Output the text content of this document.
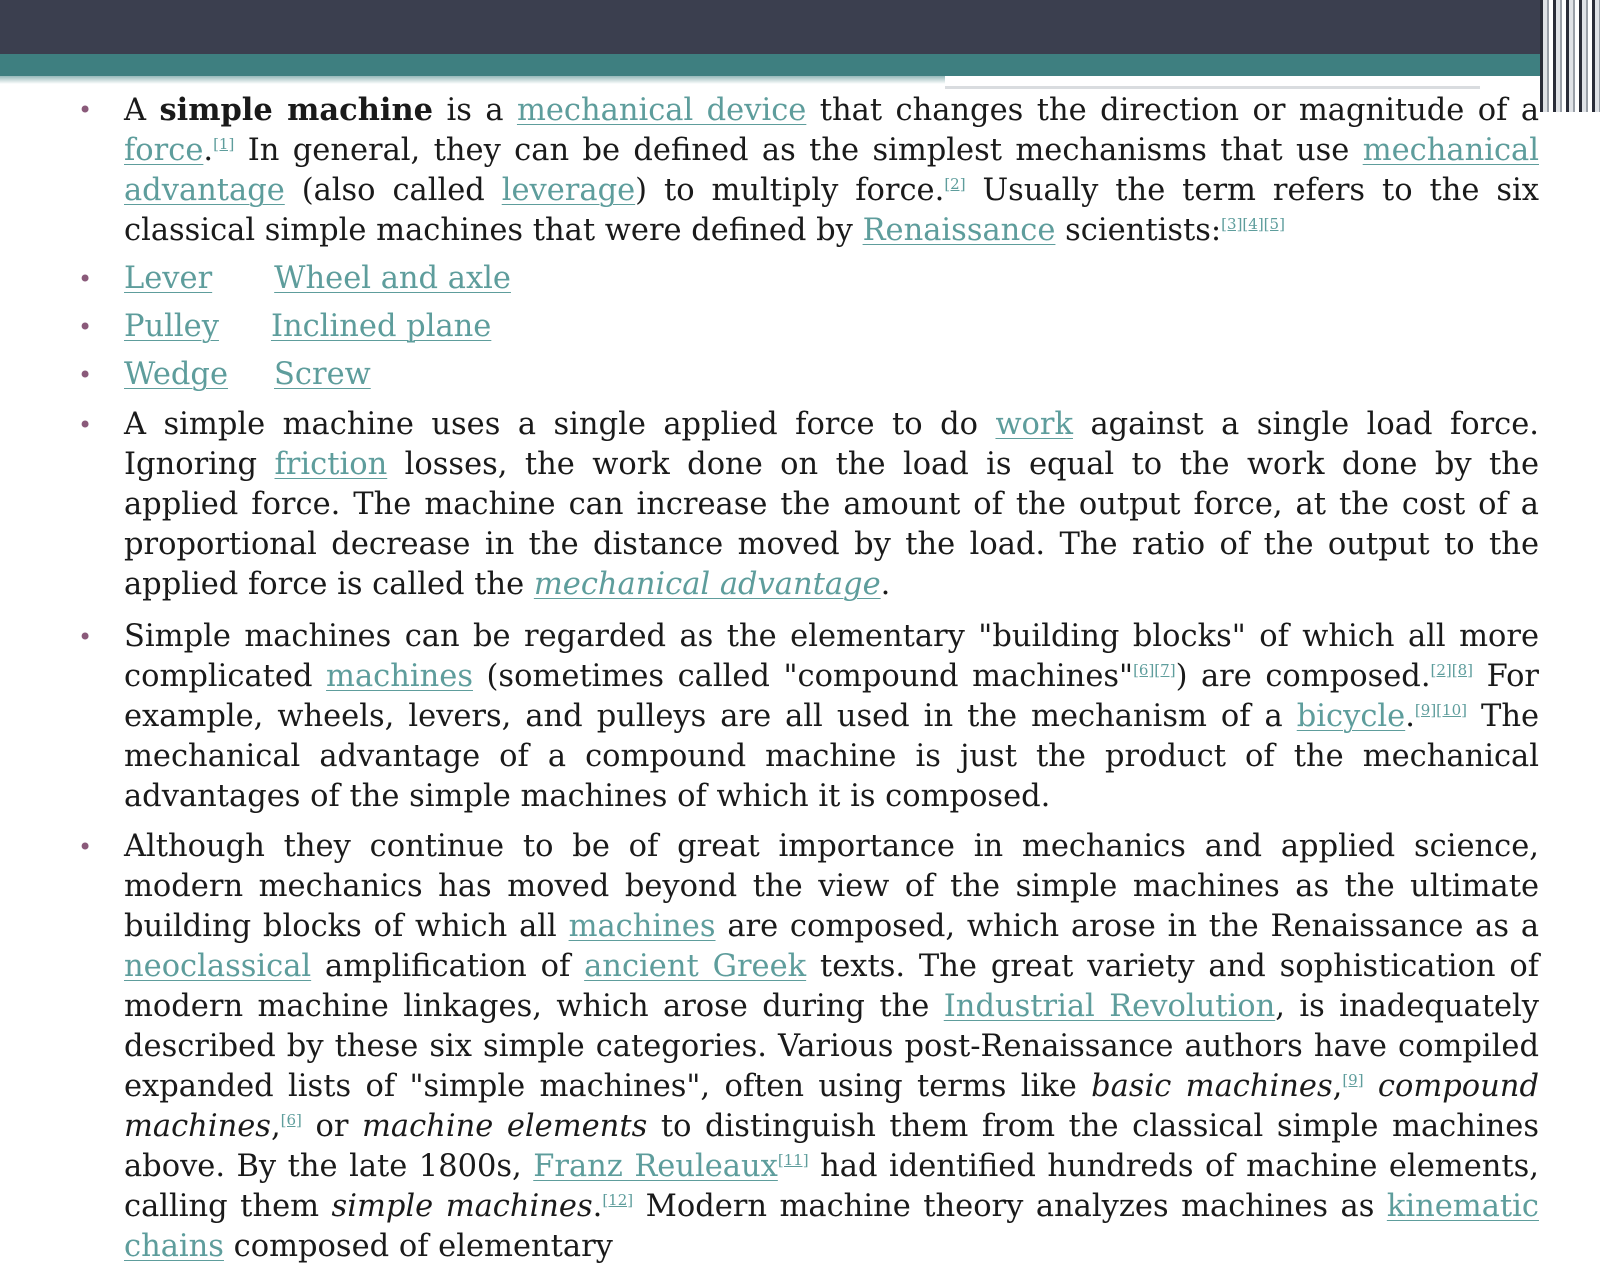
• A simple machine is a mechanical device that changes the direction or magnitude of a force.[1] In general, they can be defined as the simplest mechanisms that use mechanical advantage (also called leverage) to multiply force.[2] Usually the term refers to the six classical simple machines that were defined by Renaissance scientists:[3][4][5]
• Lever Wheel and axle
• Pulley Inclined plane
• Wedge Screw
• A simple machine uses a single applied force to do work against a single load force. Ignoring friction losses, the work done on the load is equal to the work done by the applied force. The machine can increase the amount of the output force, at the cost of a proportional decrease in the distance moved by the load. The ratio of the output to the applied force is called the mechanical advantage.
• Simple machines can be regarded as the elementary "building blocks" of which all more complicated machines (sometimes called "compound machines"[6][7]) are composed.[2][8] For example, wheels, levers, and pulleys are all used in the mechanism of a bicycle.[9][10] The mechanical advantage of a compound machine is just the product of the mechanical advantages of the simple machines of which it is composed.
• Although they continue to be of great importance in mechanics and applied science, modern mechanics has moved beyond the view of the simple machines as the ultimate building blocks of which all machines are composed, which arose in the Renaissance as a neoclassical amplification of ancient Greek texts. The great variety and sophistication of modern machine linkages, which arose during the Industrial Revolution, is inadequately described by these six simple categories. Various post-Renaissance authors have compiled expanded lists of "simple machines", often using terms like basic machines,[9] compound machines,[6] or machine elements to distinguish them from the classical simple machines above. By the late 1800s, Franz Reuleaux[11] had identified hundreds of machine elements, calling them simple machines.[12] Modern machine theory analyzes machines as kinematic chains composed of elementary
